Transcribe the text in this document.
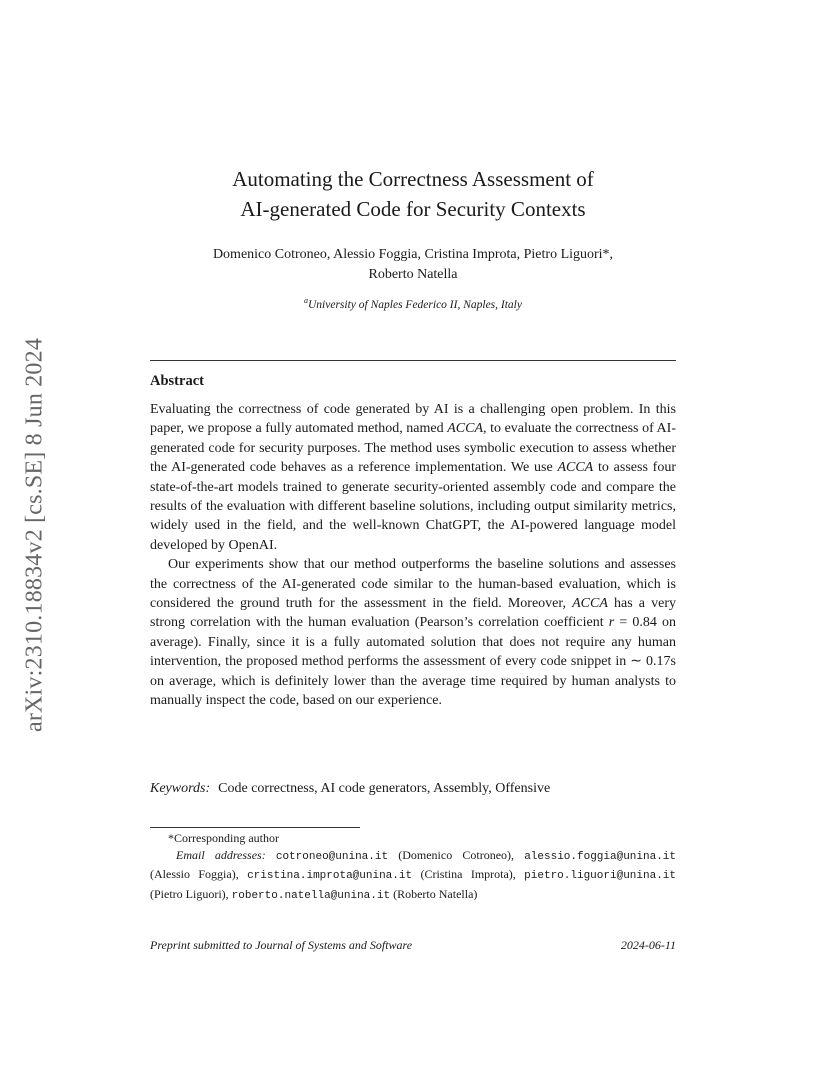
arXiv:2310.18834v2 [cs.SE] 8 Jun 2024
Automating the Correctness Assessment of
AI-generated Code for Security Contexts
Domenico Cotroneo, Alessio Foggia, Cristina Improta, Pietro Liguori*,
Roberto Natella
$^a$University of Naples Federico II, Naples, Italy
Abstract

Evaluating the correctness of code generated by AI is a challenging open problem. In this paper, we propose a fully automated method, named ACCA, to evaluate the correctness of AI-generated code for security purposes. The method uses symbolic execution to assess whether the AI-generated code behaves as a reference implementation. We use ACCA to assess four state-of-the-art models trained to generate security-oriented assembly code and compare the results of the evaluation with different baseline solutions, including output similarity metrics, widely used in the field, and the well-known ChatGPT, the AI-powered language model developed by OpenAI.

Our experiments show that our method outperforms the baseline solutions and assesses the correctness of the AI-generated code similar to the human-based evaluation, which is considered the ground truth for the assessment in the field. Moreover, ACCA has a very strong correlation with the human evaluation (Pearson’s correlation coefficient r = 0.84 on average). Finally, since it is a fully automated solution that does not require any human intervention, the proposed method performs the assessment of every code snippet in ∼ 0.17s on average, which is definitely lower than the average time required by human analysts to manually inspect the code, based on our experience.

Keywords: Code correctness, AI code generators, Assembly, Offensive
*Corresponding author
Email addresses: cotroneo@unina.it (Domenico Cotroneo), alessio.foggia@unina.it (Alessio Foggia), cristina.improta@unina.it (Cristina Improta), pietro.liguori@unina.it (Pietro Liguori), roberto.natella@unina.it (Roberto Natella)
Preprint submitted to Journal of Systems and Software	2024-06-11
